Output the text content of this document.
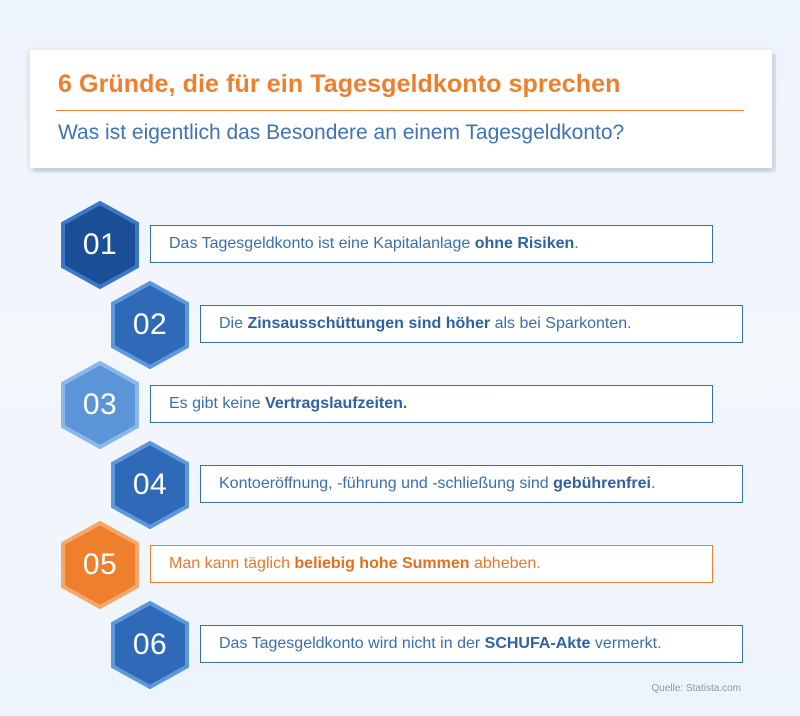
6 Gründe, die für ein Tagesgeldkonto sprechen
Was ist eigentlich das Besondere an einem Tagesgeldkonto?
01	Das Tagesgeldkonto ist eine Kapitalanlage ohne Risiken.
02	Die Zinsausschüttungen sind höher als bei Sparkonten.
03	Es gibt keine Vertragslaufzeiten.
04	Kontoeröffnung, -führung und -schließung sind gebührenfrei.
05	Man kann täglich beliebig hohe Summen abheben.
06	Das Tagesgeldkonto wird nicht in der SCHUFA-Akte vermerkt.
Quelle: Statista.com
